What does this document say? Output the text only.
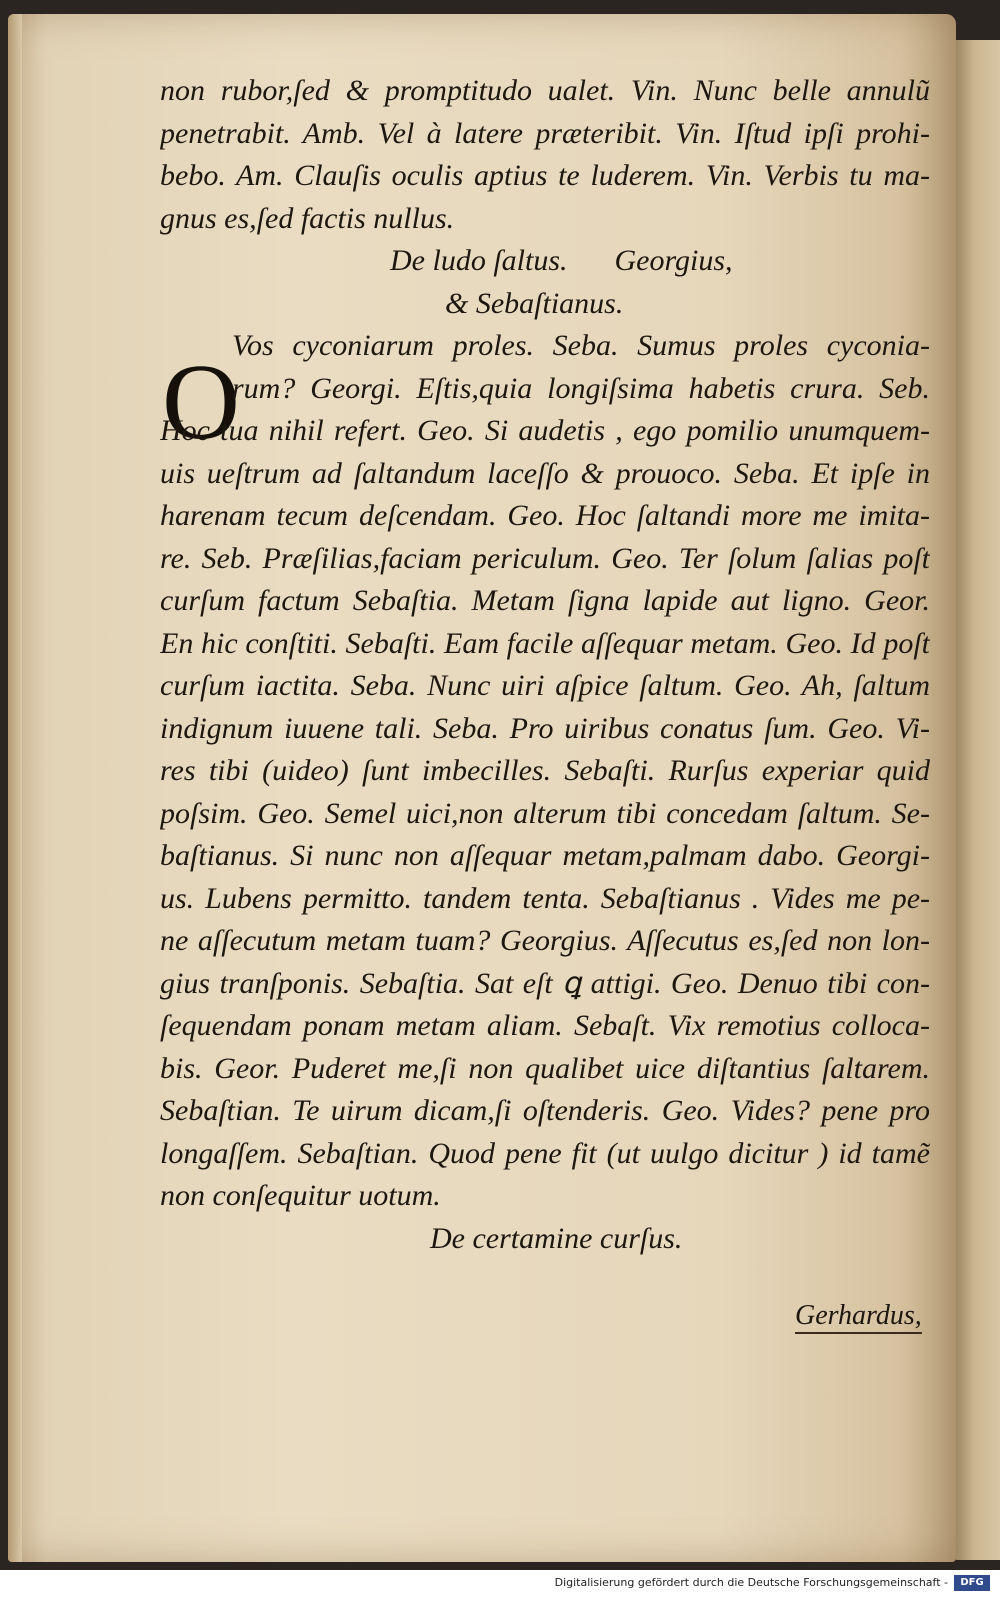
O
non rubor,ſed & promptitudo ualet. Vin. Nunc belle annulũ
penetrabit. Amb. Vel à latere præteribit. Vin. Iſtud ipſi prohi-
bebo. Am. Clauſis oculis aptius te luderem. Vin. Verbis tu ma-
gnus es,ſed factis nullus.
De ludo ſaltus. Georgius,
& Sebaſtianus.
Vos cyconiarum proles. Seba. Sumus proles cyconia-
rum? Georgi. Eſtis,quia longiſsima habetis crura. Seb.
Hoc tua nihil refert. Geo. Si audetis , ego pomilio unumquem-
uis ueſtrum ad ſaltandum laceſſo & prouoco. Seba. Et ipſe in
harenam tecum deſcendam. Geo. Hoc ſaltandi more me imita-
re. Seb. Præſilias,faciam periculum. Geo. Ter ſolum ſalias poſt
curſum factum Sebaſtia. Metam ſigna lapide aut ligno. Geor.
En hic conſtiti. Sebaſti. Eam facile aſſequar metam. Geo. Id poſt
curſum iactita. Seba. Nunc uiri aſpice ſaltum. Geo. Ah, ſaltum
indignum iuuene tali. Seba. Pro uiribus conatus ſum. Geo. Vi-
res tibi (uideo) ſunt imbecilles. Sebaſti. Rurſus experiar quid
poſsim. Geo. Semel uici,non alterum tibi concedam ſaltum. Se-
baſtianus. Si nunc non aſſequar metam,palmam dabo. Georgi-
us. Lubens permitto. tandem tenta. Sebaſtianus . Vides me pe-
ne aſſecutum metam tuam? Georgius. Aſſecutus es,ſed non lon-
gius tranſponis. Sebaſtia. Sat eſt ꝗ attigi. Geo. Denuo tibi con-
ſequendam ponam metam aliam. Sebaſt. Vix remotius colloca-
bis. Geor. Puderet me,ſi non qualibet uice diſtantius ſaltarem.
Sebaſtian. Te uirum dicam,ſi oſtenderis. Geo. Vides? pene pro
longaſſem. Sebaſtian. Quod pene fit (ut uulgo dicitur ) id tamẽ
non conſequitur uotum.
De certamine curſus.
Gerhardus,
Digitalisierung gefördert durch die Deutsche Forschungsgemeinschaft -	DFG
